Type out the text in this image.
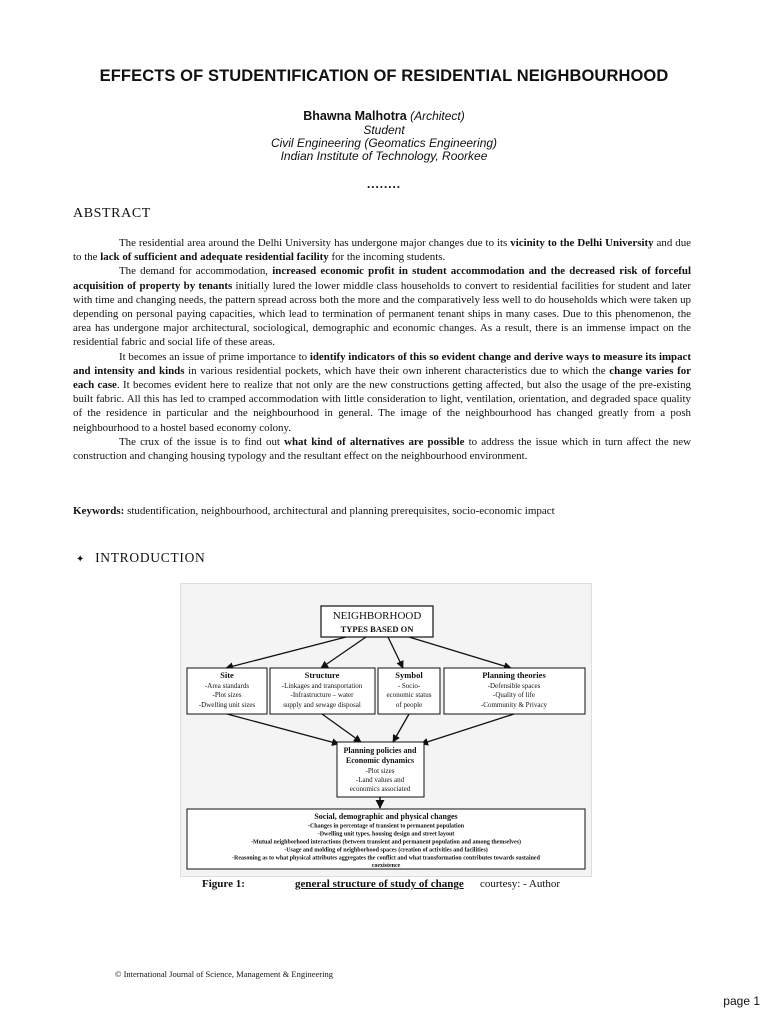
EFFECTS OF STUDENTIFICATION OF RESIDENTIAL NEIGHBOURHOOD
Bhawna Malhotra (Architect)
Student
Civil Engineering (Geomatics Engineering)
Indian Institute of Technology, Roorkee
........
ABSTRACT

The residential area around the Delhi University has undergone major changes due to its vicinity to the Delhi University and due to the lack of sufficient and adequate residential facility for the incoming students.

The demand for accommodation, increased economic profit in student accommodation and the decreased risk of forceful acquisition of property by tenants initially lured the lower middle class households to convert to residential facilities for student and later with time and changing needs, the pattern spread across both the more and the comparatively less well to do households which were taken up depending on personal paying capacities, which lead to termination of permanent tenant ships in many cases. Due to this phenomenon, the area has undergone major architectural, sociological, demographic and economic changes. As a result, there is an immense impact on the residential fabric and social life of these areas.

It becomes an issue of prime importance to identify indicators of this so evident change and derive ways to measure its impact and intensity and kinds in various residential pockets, which have their own inherent characteristics due to which the change varies for each case. It becomes evident here to realize that not only are the new constructions getting affected, but also the usage of the pre-existing built fabric. All this has led to cramped accommodation with little consideration to light, ventilation, orientation, and degraded space quality of the residence in particular and the neighbourhood in general. The image of the neighbourhood has changed greatly from a posh neighbourhood to a hostel based economy colony.

The crux of the issue is to find out what kind of alternatives are possible to address the issue which in turn affect the new construction and changing housing typology and the resultant effect on the neighbourhood environment.

Keywords: studentification, neighbourhood, architectural and planning prerequisites, socio-economic impact
✦ INTRODUCTION
NEIGHBORHOOD
TYPES BASED ON
Site
-Area standards
-Plot sizes
-Dwelling unit sizes
Structure
-Linkages and transportation
-Infrastructure – water
supply and sewage disposal
Symbol
- Socio-
economic status
of people
Planning theories
-Defensible spaces
-Quality of life
-Community & Privacy
Planning policies and
Economic dynamics
-Plot sizes
-Land values and
economics associated
Social, demographic and physical changes
-Changes in percentage of transient to permanent population
-Dwelling unit types, housing design and street layout
-Mutual neighborhood interactions (between transient and permanent population and among themselves)
-Usage and molding of neighborhood spaces (creation of activities and facilities)
-Reasoning as to what physical attributes aggregates the conflict and what transformation contributes towards sustained
coexistence
Figure 1:	general structure of study of change courtesy: - Author
© International Journal of Science, Management & Engineering
page 1
